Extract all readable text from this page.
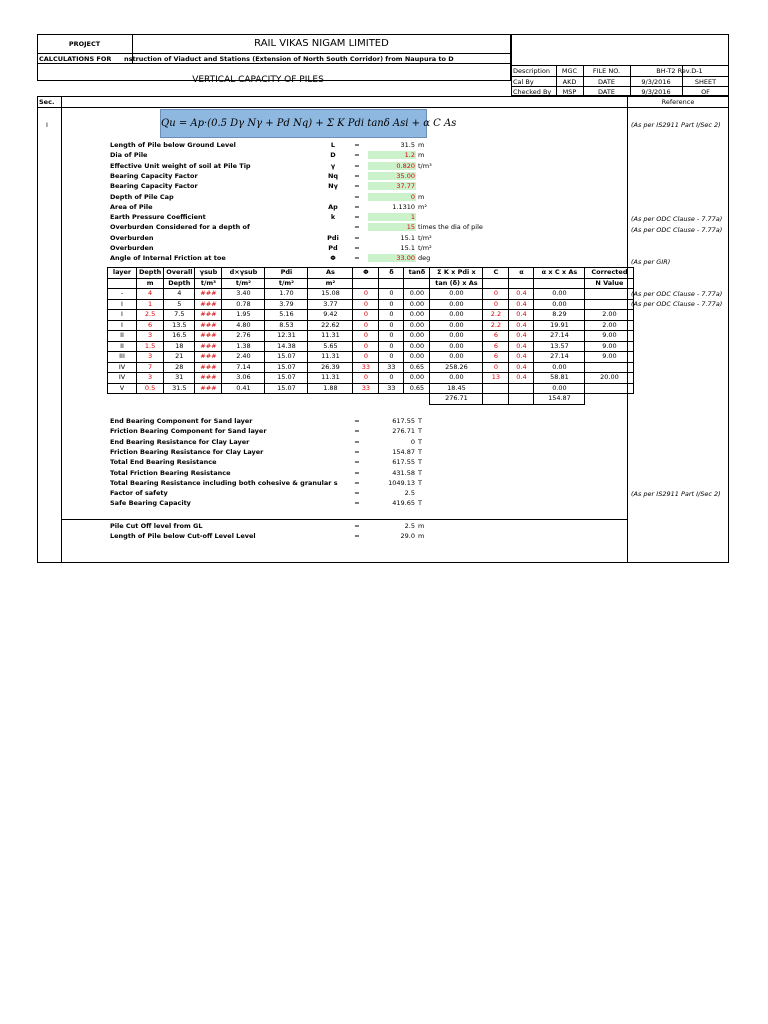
PROJECT	RAIL VIKAS NIGAM LIMITED
CALCULATIONS FOR nstruction of Viaduct and Stations (Extension of North South Corridor) from Naupura to D
VERTICAL CAPACITY OF PILES
Description	MGC	FILE NO.	BH-T2 Rev.D-1
Cal By	AKD	DATE	9/3/2016	SHEET
Checked By	MSP	DATE	9/3/2016	OF
Sec.	Reference
I	Qu = Ap·(0.5 Dγ Nγ + Pd Nq) + Σ K Pdi tanδ Asi + α C As	(As per IS2911 Part I/Sec 2)
(As per ODC Clause - 7.77a)
(As per ODC Clause - 7.77a)
(As per GIR)
(As per ODC Clause - 7.77a)
(As per ODC Clause - 7.77a)
(As per IS2911 Part I/Sec 2)
Length of Pile below Ground Level	L	=	31.5 m
Dia of Pile	D	=	1.2 m
Effective Unit weight of soil at Pile Tip	γ	=	0.820 t/m³
Bearing Capacity Factor	Nq	=	35.00
Bearing Capacity Factor	Nγ	=	37.77
Depth of Pile Cap	=	0 m
Area of Pile	Ap	=	1.1310 m²
Earth Pressure Coefficient	k	=	1
Overburden Considered for a depth of	=	15 times the dia of pile
Overburden	Pdi	=	15.1 t/m²
Overburden	Pd	=	15.1 t/m²
Angle of Internal Friction at toe	Φ	=	33.00 deg
layer	Depth	Overall	γsub	d×γsub	Pdi	As	Φ	δ	tanδ	Σ K x Pdi x	C	α	α x C x As	Corrected
	m	Depth	t/m³	t/m²	t/m²	m²				tan (δ) x As				N Value
-	4	4	###	3.40	1.70	15.08	0	0	0.00	0.00	0	0.4	0.00	
I	1	5	###	0.78	3.79	3.77	0	0	0.00	0.00	0	0.4	0.00	
I	2.5	7.5	###	1.95	5.16	9.42	0	0	0.00	0.00	2.2	0.4	8.29	2.00
I	6	13.5	###	4.80	8.53	22.62	0	0	0.00	0.00	2.2	0.4	19.91	2.00
II	3	16.5	###	2.76	12.31	11.31	0	0	0.00	0.00	6	0.4	27.14	9.00
II	1.5	18	###	1.38	14.38	5.65	0	0	0.00	0.00	6	0.4	13.57	9.00
III	3	21	###	2.40	15.07	11.31	0	0	0.00	0.00	6	0.4	27.14	9.00
IV	7	28	###	7.14	15.07	26.39	33	33	0.65	258.26	0	0.4	0.00	
IV	3	31	###	3.06	15.07	11.31	0	0	0.00	0.00	13	0.4	58.81	20.00
V	0.5	31.5	###	0.41	15.07	1.88	33	33	0.65	18.45			0.00	
										276.71			154.87	
End Bearing Component for Sand layer	=	617.55 T
Friction Bearing Component for Sand layer	=	276.71 T
End Bearing Resistance for Clay Layer	=	0 T
Friction Bearing Resistance for Clay Layer	=	154.87 T
Total End Bearing Resistance	=	617.55 T
Total Friction Bearing Resistance	=	431.58 T
Total Bearing Resistance including both cohesive & granular s	=	1049.13 T
Factor of safety	=	2.5
Safe Bearing Capacity	=	419.65 T
Pile Cut Off level from GL	=	2.5 m
Length of Pile below Cut-off Level Level	=	29.0 m
